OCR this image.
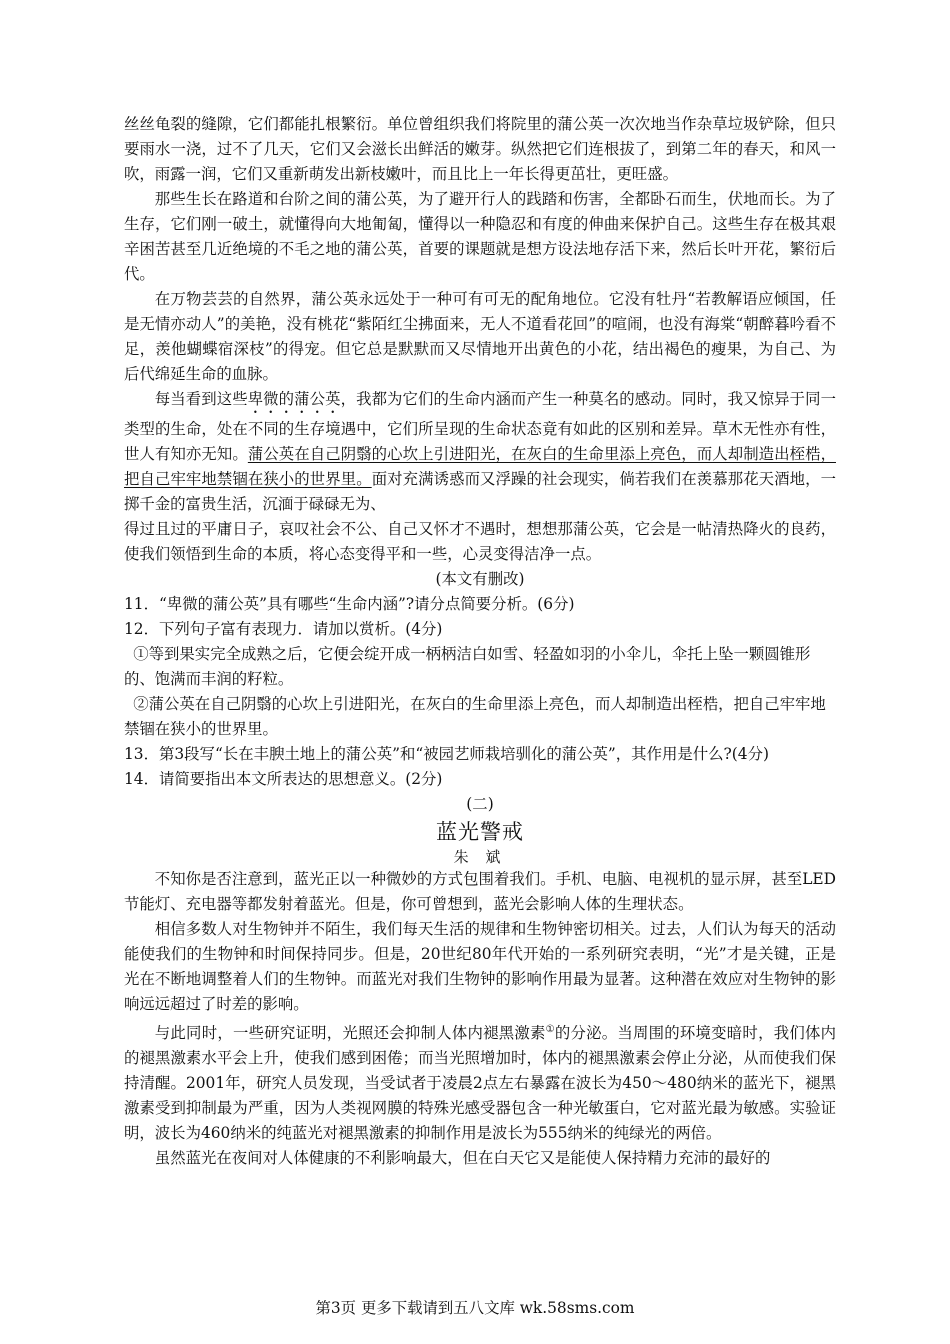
丝丝龟裂的缝隙，它们都能扎根繁衍。单位曾组织我们将院里的蒲公英一次次地当作杂草垃圾铲除，但只要雨水一浇，过不了几天，它们又会滋长出鲜活的嫩芽。纵然把它们连根拔了，到第二年的春天，和风一吹，雨露一润，它们又重新萌发出新枝嫩叶，而且比上一年长得更茁壮，更旺盛。

那些生长在路道和台阶之间的蒲公英，为了避开行人的践踏和伤害，全都卧石而生，伏地而长。为了生存，它们刚一破土，就懂得向大地匍匐，懂得以一种隐忍和有度的伸曲来保护自己。这些生存在极其艰辛困苦甚至几近绝境的不毛之地的蒲公英，首要的课题就是想方设法地存活下来，然后长叶开花，繁衍后代。

在万物芸芸的自然界，蒲公英永远处于一种可有可无的配角地位。它没有牡丹“若教解语应倾国，任是无情亦动人”的美艳，没有桃花“紫陌红尘拂面来，无人不道看花回”的喧闹，也没有海棠“朝醉暮吟看不足，羡他蝴蝶宿深枝”的得宠。但它总是默默而又尽情地开出黄色的小花，结出褐色的瘦果，为自己、为后代绵延生命的血脉。

每当看到这些卑微的蒲公英，我都为它们的生命内涵而产生一种莫名的感动。同时，我又惊异于同一类型的生命，处在不同的生存境遇中，它们所呈现的生命状态竟有如此的区别和差异。草木无性亦有性，世人有知亦无知。蒲公英在自己阴翳的心坎上引进阳光，在灰白的生命里添上亮色，而人却制造出桎梏，把自己牢牢地禁锢在狭小的世界里。面对充满诱惑而又浮躁的社会现实，倘若我们在羡慕那花天酒地，一掷千金的富贵生活，沉湎于碌碌无为、

得过且过的平庸日子，哀叹社会不公、自己又怀才不遇时，想想那蒲公英，它会是一帖清热降火的良药，使我们领悟到生命的本质，将心态变得平和一些，心灵变得洁净一点。

(本文有删改)

11．“卑微的蒲公英”具有哪些“生命内涵”?请分点简要分析。(6分)

12．下列句子富有表现力．请加以赏析。(4分)

①等到果实完全成熟之后，它便会绽开成一柄柄洁白如雪、轻盈如羽的小伞儿，伞托上坠一颗圆锥形的、饱满而丰润的籽粒。

②蒲公英在自己阴翳的心坎上引进阳光，在灰白的生命里添上亮色，而人却制造出桎梏，把自己牢牢地禁锢在狭小的世界里。

13．第3段写“长在丰腴土地上的蒲公英”和“被园艺师栽培驯化的蒲公英”，其作用是什么?(4分)

14．请简要指出本文所表达的思想意义。(2分)

(二)

蓝光警戒

朱 斌

不知你是否注意到，蓝光正以一种微妙的方式包围着我们。手机、电脑、电视机的显示屏，甚至LED节能灯、充电器等都发射着蓝光。但是，你可曾想到，蓝光会影响人体的生理状态。

相信多数人对生物钟并不陌生，我们每天生活的规律和生物钟密切相关。过去，人们认为每天的活动能使我们的生物钟和时间保持同步。但是，20世纪80年代开始的一系列研究表明，“光”才是关键，正是光在不断地调整着人们的生物钟。而蓝光对我们生物钟的影响作用最为显著。这种潜在效应对生物钟的影响远远超过了时差的影响。

与此同时，一些研究证明，光照还会抑制人体内褪黑激素①的分泌。当周围的环境变暗时，我们体内的褪黑激素水平会上升，使我们感到困倦；而当光照增加时，体内的褪黑激素会停止分泌，从而使我们保持清醒。2001年，研究人员发现，当受试者于凌晨2点左右暴露在波长为450～480纳米的蓝光下，褪黑激素受到抑制最为严重，因为人类视网膜的特殊光感受器包含一种光敏蛋白，它对蓝光最为敏感。实验证明，波长为460纳米的纯蓝光对褪黑激素的抑制作用是波长为555纳米的纯绿光的两倍。

虽然蓝光在夜间对人体健康的不利影响最大，但在白天它又是能使人保持精力充沛的最好的

第3页 更多下载请到五八文库 wk.58sms.com
